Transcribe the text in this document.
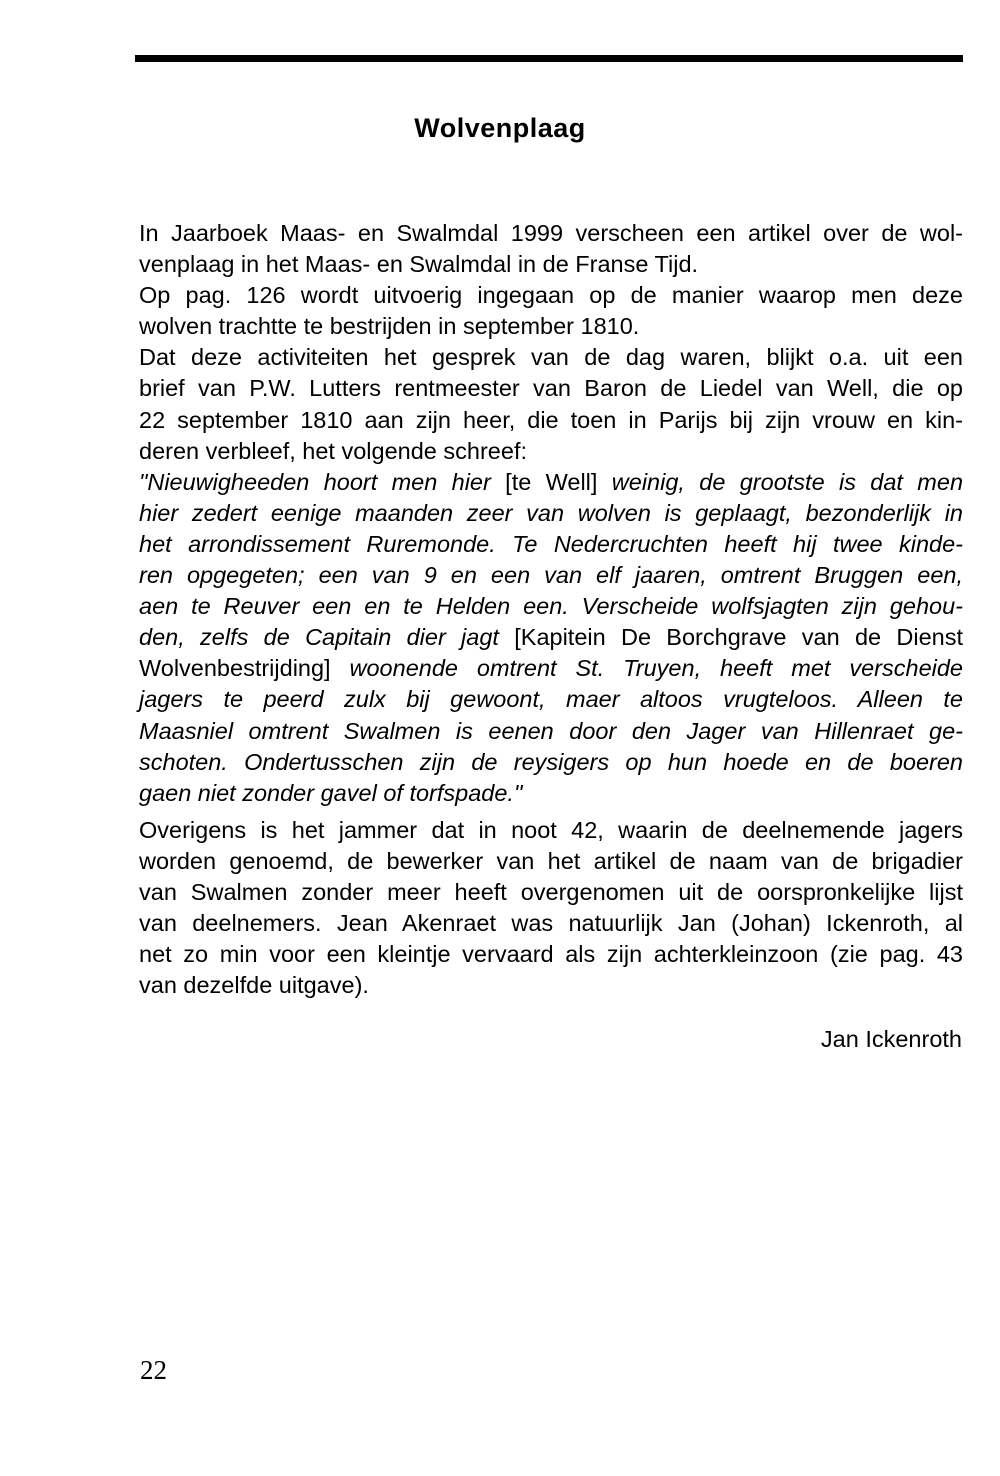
Wolvenplaag
In Jaarboek Maas- en Swalmdal 1999 verscheen een artikel over de wol-
venplaag in het Maas- en Swalmdal in de Franse Tijd.
Op pag. 126 wordt uitvoerig ingegaan op de manier waarop men deze
wolven trachtte te bestrijden in september 1810.
Dat deze activiteiten het gesprek van de dag waren, blijkt o.a. uit een
brief van P.W. Lutters rentmeester van Baron de Liedel van Well, die op
22 september 1810 aan zijn heer, die toen in Parijs bij zijn vrouw en kin-
deren verbleef, het volgende schreef:
"Nieuwigheeden hoort men hier [te Well] weinig, de grootste is dat men
hier zedert eenige maanden zeer van wolven is geplaagt, bezonderlijk in
het arrondissement Ruremonde. Te Nedercruchten heeft hij twee kinde-
ren opgegeten; een van 9 en een van elf jaaren, omtrent Bruggen een,
aen te Reuver een en te Helden een. Verscheide wolfsjagten zijn gehou-
den, zelfs de Capitain dier jagt [Kapitein De Borchgrave van de Dienst
Wolvenbestrijding] woonende omtrent St. Truyen, heeft met verscheide
jagers te peerd zulx bij gewoont, maer altoos vrugteloos. Alleen te
Maasniel omtrent Swalmen is eenen door den Jager van Hillenraet ge-
schoten. Ondertusschen zijn de reysigers op hun hoede en de boeren
gaen niet zonder gavel of torfspade."
Overigens is het jammer dat in noot 42, waarin de deelnemende jagers
worden genoemd, de bewerker van het artikel de naam van de brigadier
van Swalmen zonder meer heeft overgenomen uit de oorspronkelijke lijst
van deelnemers. Jean Akenraet was natuurlijk Jan (Johan) Ickenroth, al
net zo min voor een kleintje vervaard als zijn achterkleinzoon (zie pag. 43
van dezelfde uitgave).
Jan Ickenroth
22
